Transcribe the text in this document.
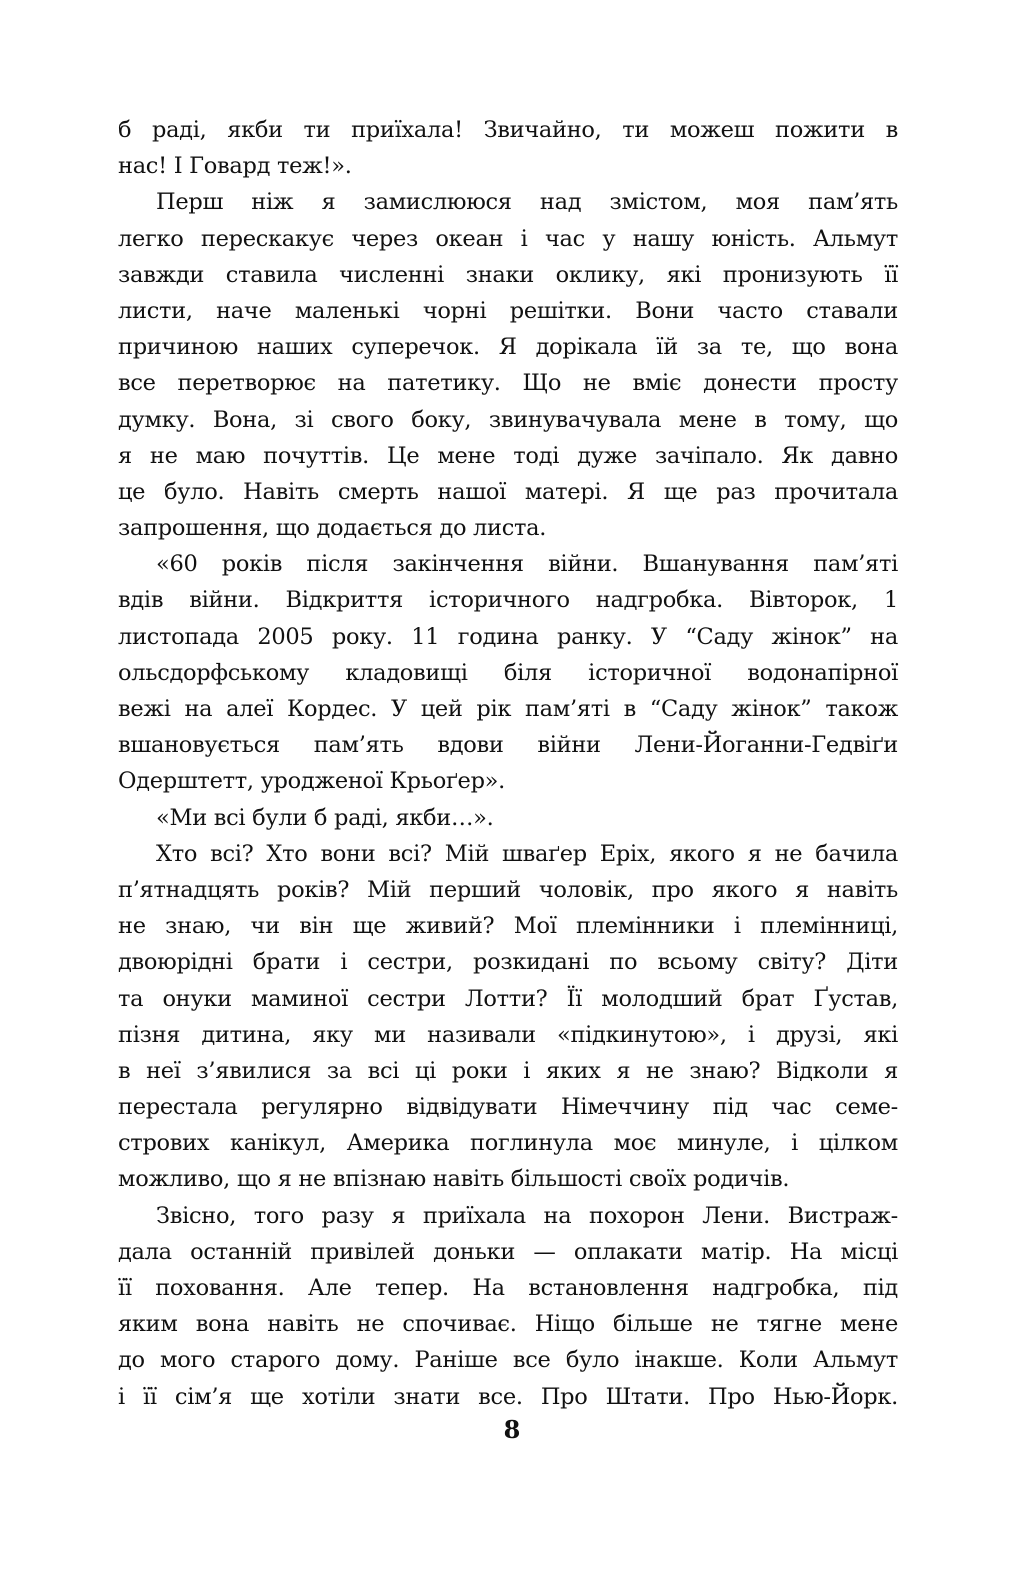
б раді, якби ти приїхала! Звичайно, ти можеш пожити в
нас! І Говард теж!».
Перш ніж я замислююся над змістом, моя пам’ять
легко перескакує через океан і час у нашу юність. Альмут
завжди ставила численні знаки оклику, які пронизують її
листи, наче маленькі чорні решітки. Вони часто ставали
причиною наших суперечок. Я дорікала їй за те, що вона
все перетворює на патетику. Що не вміє донести просту
думку. Вона, зі свого боку, звинувачувала мене в тому, що
я не маю почуттів. Це мене тоді дуже зачіпало. Як давно
це було. Навіть смерть нашої матері. Я ще раз прочитала
запрошення, що додається до листа.
«60 років після закінчення війни. Вшанування пам’яті
вдів війни. Відкриття історичного надгробка. Вівторок, 1
листопада 2005 року. 11 година ранку. У “Саду жінок” на
ольсдорфському кладовищі біля історичної водонапірної
вежі на алеї Кордес. У цей рік пам’яті в “Саду жінок” також
вшановується пам’ять вдови війни Лени-Йоганни-Гедвіґи
Одерштетт, уродженої Крьоґер».
«Ми всі були б раді, якби…».
Хто всі? Хто вони всі? Мій шваґер Еріх, якого я не бачила
п’ятнадцять років? Мій перший чоловік, про якого я навіть
не знаю, чи він ще живий? Мої племінники і племінниці,
двоюрідні брати і сестри, розкидані по всьому світу? Діти
та онуки маминої сестри Лотти? Її молодший брат Ґустав,
пізня дитина, яку ми називали «підкинутою», і друзі, які
в неї з’явилися за всі ці роки і яких я не знаю? Відколи я
перестала регулярно відвідувати Німеччину під час семе-
стрових канікул, Америка поглинула моє минуле, і цілком
можливо, що я не впізнаю навіть більшості своїх родичів.
Звісно, того разу я приїхала на похорон Лени. Вистраж-
дала останній привілей доньки — оплакати матір. На місці
її поховання. Але тепер. На встановлення надгробка, під
яким вона навіть не спочиває. Ніщо більше не тягне мене
до мого старого дому. Раніше все було інакше. Коли Альмут
і її сім’я ще хотіли знати все. Про Штати. Про Нью-Йорк.
8
